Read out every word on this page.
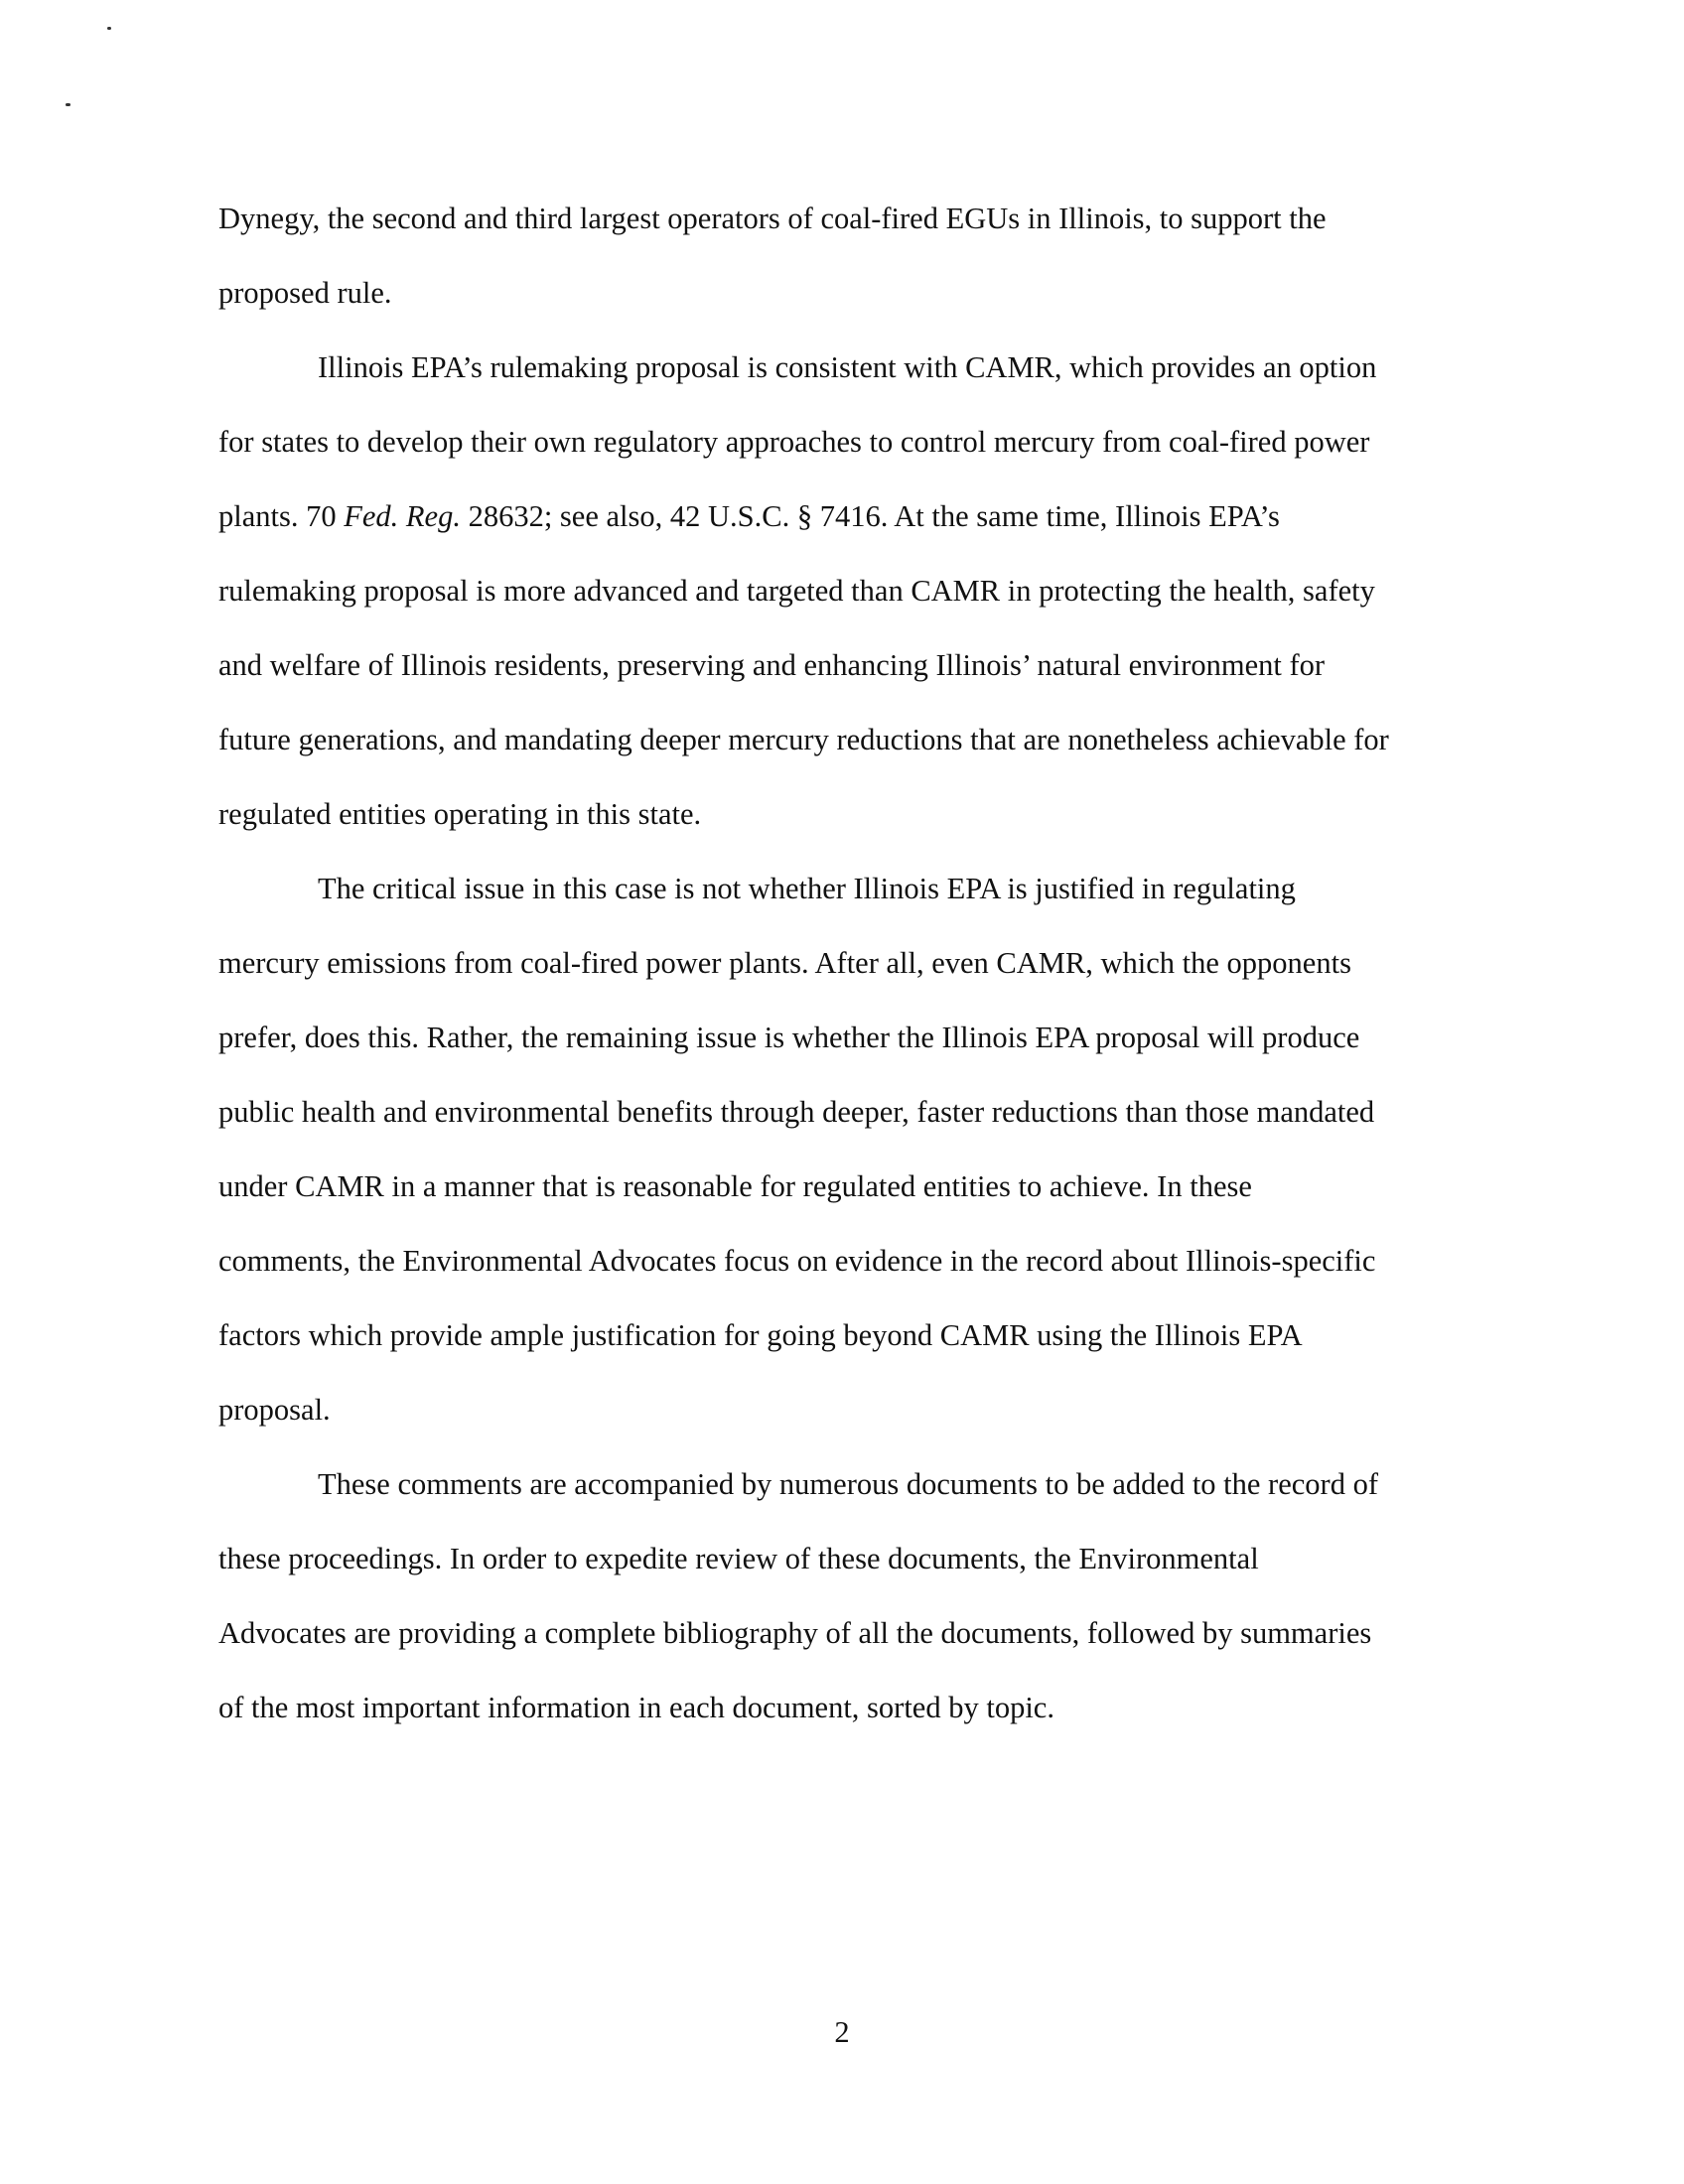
Dynegy, the second and third largest operators of coal-fired EGUs in Illinois, to support the
proposed rule.
Illinois EPA’s rulemaking proposal is consistent with CAMR, which provides an option
for states to develop their own regulatory approaches to control mercury from coal-fired power
plants. 70 Fed. Reg. 28632; see also, 42 U.S.C. § 7416. At the same time, Illinois EPA’s
rulemaking proposal is more advanced and targeted than CAMR in protecting the health, safety
and welfare of Illinois residents, preserving and enhancing Illinois’ natural environment for
future generations, and mandating deeper mercury reductions that are nonetheless achievable for
regulated entities operating in this state.
The critical issue in this case is not whether Illinois EPA is justified in regulating
mercury emissions from coal-fired power plants. After all, even CAMR, which the opponents
prefer, does this. Rather, the remaining issue is whether the Illinois EPA proposal will produce
public health and environmental benefits through deeper, faster reductions than those mandated
under CAMR in a manner that is reasonable for regulated entities to achieve. In these
comments, the Environmental Advocates focus on evidence in the record about Illinois-specific
factors which provide ample justification for going beyond CAMR using the Illinois EPA
proposal.
These comments are accompanied by numerous documents to be added to the record of
these proceedings. In order to expedite review of these documents, the Environmental
Advocates are providing a complete bibliography of all the documents, followed by summaries
of the most important information in each document, sorted by topic.
2
